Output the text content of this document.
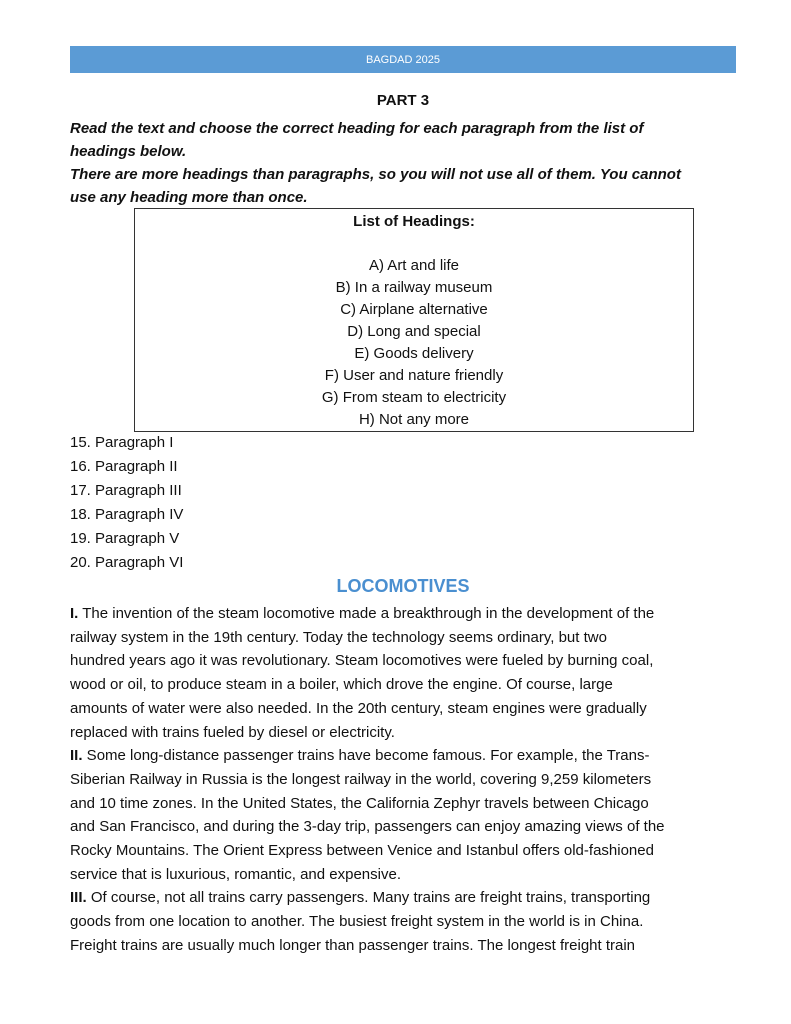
BAGDAD 2025
PART 3
Read the text and choose the correct heading for each paragraph from the list of
headings below.
There are more headings than paragraphs, so you will not use all of them. You cannot
use any heading more than once.
List of Headings:
A) Art and life
B) In a railway museum
C) Airplane alternative
D) Long and special
E) Goods delivery
F) User and nature friendly
G) From steam to electricity
H) Not any more
15. Paragraph I
16. Paragraph II
17. Paragraph III
18. Paragraph IV
19. Paragraph V
20. Paragraph VI
LOCOMOTIVES
I. The invention of the steam locomotive made a breakthrough in the development of the
railway system in the 19th century. Today the technology seems ordinary, but two
hundred years ago it was revolutionary. Steam locomotives were fueled by burning coal,
wood or oil, to produce steam in a boiler, which drove the engine. Of course, large
amounts of water were also needed. In the 20th century, steam engines were gradually
replaced with trains fueled by diesel or electricity.
II. Some long-distance passenger trains have become famous. For example, the Trans-
Siberian Railway in Russia is the longest railway in the world, covering 9,259 kilometers
and 10 time zones. In the United States, the California Zephyr travels between Chicago
and San Francisco, and during the 3-day trip, passengers can enjoy amazing views of the
Rocky Mountains. The Orient Express between Venice and Istanbul offers old-fashioned
service that is luxurious, romantic, and expensive.
III. Of course, not all trains carry passengers. Many trains are freight trains, transporting
goods from one location to another. The busiest freight system in the world is in China.
Freight trains are usually much longer than passenger trains. The longest freight train
